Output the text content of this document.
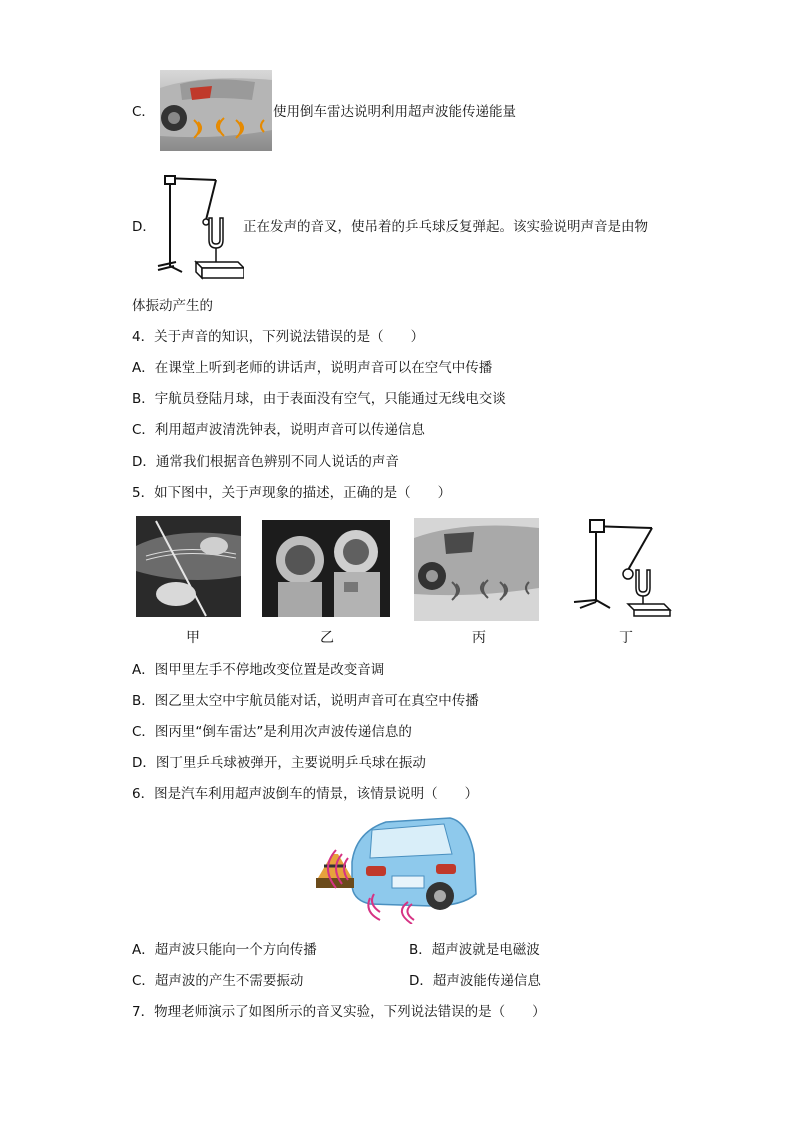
C．	使用倒车雷达说明利用超声波能传递能量
D．	正在发声的音叉，使吊着的乒乓球反复弹起。该实验说明声音是由物
体振动产生的
4．关于声音的知识，下列说法错误的是（　　）
A．在课堂上听到老师的讲话声，说明声音可以在空气中传播
B．宇航员登陆月球，由于表面没有空气，只能通过无线电交谈
C．利用超声波清洗钟表，说明声音可以传递信息
D．通常我们根据音色辨别不同人说话的声音
5．如下图中，关于声现象的描述，正确的是（　　）
甲	乙	丙	丁
A．图甲里左手不停地改变位置是改变音调
B．图乙里太空中宇航员能对话，说明声音可在真空中传播
C．图丙里“倒车雷达”是利用次声波传递信息的
D．图丁里乒乓球被弹开，主要说明乒乓球在振动
6．图是汽车利用超声波倒车的情景，该情景说明（　　）
A．超声波只能向一个方向传播	B．超声波就是电磁波
C．超声波的产生不需要振动	D．超声波能传递信息
7．物理老师演示了如图所示的音叉实验，下列说法错误的是（　　）
